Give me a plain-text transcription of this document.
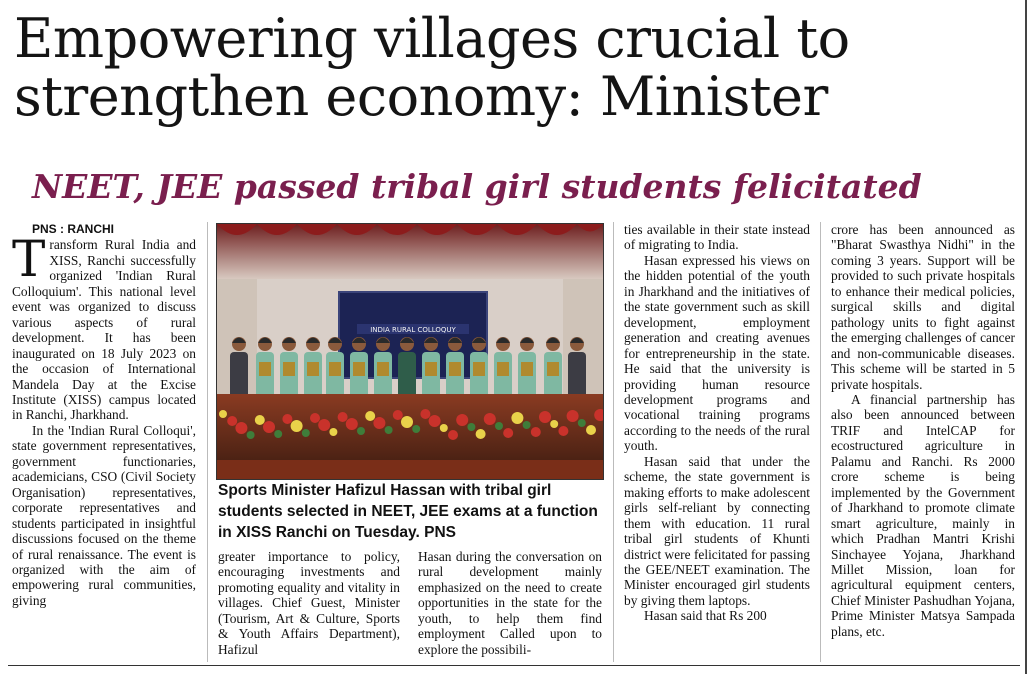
Empowering villages crucial to
strengthen economy: Minister
NEET, JEE passed tribal girl students felicitated

PNS : RANCHI

Transform Rural India and XISS, Ranchi successfully organized 'Indian Rural Colloquium'. This national level event was organized to discuss various aspects of rural development. It has been inaugurated on 18 July 2023 on the occasion of International Mandela Day at the Excise Institute (XISS) campus located in Ranchi, Jharkhand.

In the 'Indian Rural Colloqui', state government representatives, government functionaries, academicians, CSO (Civil Society Organisation) representatives, corporate representatives and students participated in insightful discussions focused on the theme of rural renaissance. The event is organized with the aim of empowering rural communities, giving

INDIA RURAL COLLOQUY
Sports Minister Hafizul Hassan with tribal girl students selected in NEET, JEE exams at a function in XISS Ranchi on Tuesday. PNS

greater importance to policy, encouraging investments and promoting equality and vitality in villages. Chief Guest, Minister (Tourism, Art & Culture, Sports & Youth Affairs Department), Hafizul

Hasan during the conversation on rural development mainly emphasized on the need to create opportunities in the state for the youth, to help them find employment Called upon to explore the possibili-

ties available in their state instead of migrating to India.

Hasan expressed his views on the hidden potential of the youth in Jharkhand and the initiatives of the state government such as skill development, employment generation and creating avenues for entrepreneurship in the state. He said that the university is providing human resource development programs and vocational training programs according to the needs of the rural youth.

Hasan said that under the scheme, the state government is making efforts to make adolescent girls self-reliant by connecting them with education. 11 rural tribal girl students of Khunti district were felicitated for passing the GEE/NEET examination. The Minister encouraged girl students by giving them laptops.

Hasan said that Rs 200

crore has been announced as "Bharat Swasthya Nidhi" in the coming 3 years. Support will be provided to such private hospitals to enhance their medical policies, surgical skills and digital pathology units to fight against the emerging challenges of cancer and non-communicable diseases. This scheme will be started in 5 private hospitals.

A financial partnership has also been announced between TRIF and IntelCAP for ecostructured agriculture in Palamu and Ranchi. Rs 2000 crore scheme is being implemented by the Government of Jharkhand to promote climate smart agriculture, mainly in which Pradhan Mantri Krishi Sinchayee Yojana, Jharkhand Millet Mission, loan for agricultural equipment centers, Chief Minister Pashudhan Yojana, Prime Minister Matsya Sampada plans, etc.
